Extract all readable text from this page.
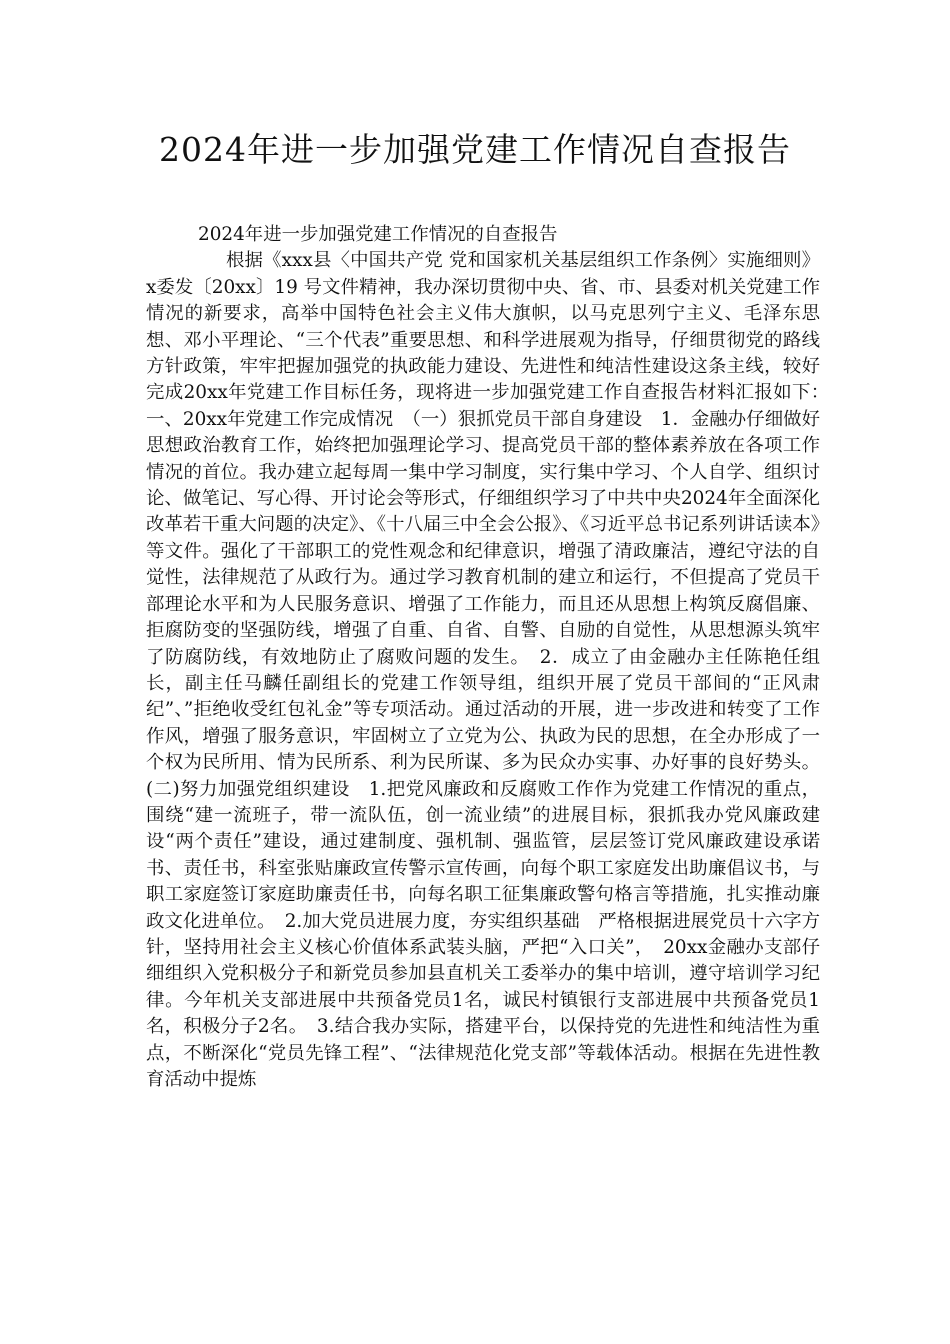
2024年进一步加强党建工作情况自查报告
2024年进一步加强党建工作情况的自查报告

根据《xxx县〈中国共产党 党和国家机关基层组织工作条例〉实施细则》x委发〔20xx〕19 号文件精神，我办深切贯彻中央、省、市、县委对机关党建工作情况的新要求，高举中国特色社会主义伟大旗帜，以马克思列宁主义、毛泽东思想、邓小平理论、“三个代表”重要思想、和科学进展观为指导，仔细贯彻党的路线方针政策，牢牢把握加强党的执政能力建设、先进性和纯洁性建设这条主线，较好完成20xx年党建工作目标任务，现将进一步加强党建工作自查报告材料汇报如下：　　一、20xx年党建工作完成情况　（一）狠抓党员干部自身建设　1．金融办仔细做好思想政治教育工作，始终把加强理论学习、提高党员干部的整体素养放在各项工作情况的首位。我办建立起每周一集中学习制度，实行集中学习、个人自学、组织讨论、做笔记、写心得、开讨论会等形式，仔细组织学习了中共中央2024年全面深化改革若干重大问题的决定》、《十八届三中全会公报》、《习近平总书记系列讲话读本》等文件。强化了干部职工的党性观念和纪律意识，增强了清政廉洁，遵纪守法的自觉性，法律规范了从政行为。通过学习教育机制的建立和运行，不但提高了党员干部理论水平和为人民服务意识、增强了工作能力，而且还从思想上构筑反腐倡廉、拒腐防变的坚强防线，增强了自重、自省、自警、自励的自觉性，从思想源头筑牢了防腐防线，有效地防止了腐败问题的发生。　2．成立了由金融办主任陈艳任组长，副主任马麟任副组长的党建工作领导组，组织开展了党员干部间的“正风肃纪”、”拒绝收受红包礼金”等专项活动。通过活动的开展，进一步改进和转变了工作作风，增强了服务意识，牢固树立了立党为公、执政为民的思想，在全办形成了一个权为民所用、情为民所系、利为民所谋、多为民众办实事、办好事的良好势头。(二)努力加强党组织建设　1.把党风廉政和反腐败工作作为党建工作情况的重点，围绕“建一流班子，带一流队伍，创一流业绩”的进展目标，狠抓我办党风廉政建设“两个责任”建设，通过建制度、强机制、强监管，层层签订党风廉政建设承诺书、责任书，科室张贴廉政宣传警示宣传画，向每个职工家庭发出助廉倡议书，与职工家庭签订家庭助廉责任书，向每名职工征集廉政警句格言等措施，扎实推动廉政文化进单位。　2.加大党员进展力度，夯实组织基础　严格根据进展党员十六字方针，坚持用社会主义核心价值体系武装头脑，严把“入口关”，　20xx金融办支部仔细组织入党积极分子和新党员参加县直机关工委举办的集中培训，遵守培训学习纪律。今年机关支部进展中共预备党员1名，诚民村镇银行支部进展中共预备党员1名，积极分子2名。　3.结合我办实际，搭建平台，以保持党的先进性和纯洁性为重点，不断深化“党员先锋工程”、“法律规范化党支部”等载体活动。根据在先进性教育活动中提炼
